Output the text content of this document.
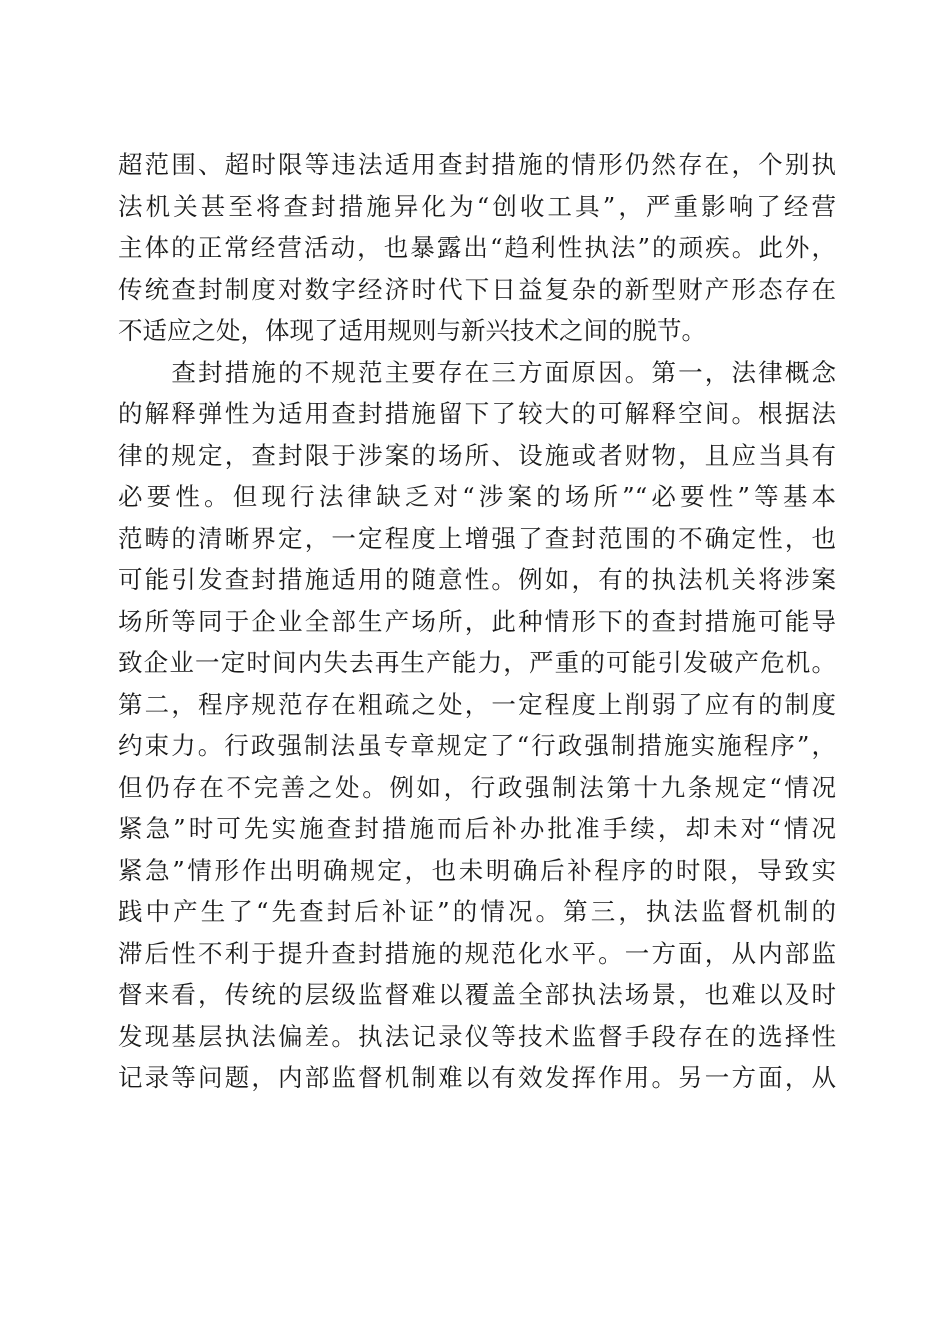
超范围、超时限等违法适用查封措施的情形仍然存在，个别执
法机关甚至将查封措施异化为“创收工具”，严重影响了经营
主体的正常经营活动，也暴露出“趋利性执法”的顽疾。此外，
传统查封制度对数字经济时代下日益复杂的新型财产形态存在
不适应之处，体现了适用规则与新兴技术之间的脱节。
　　查封措施的不规范主要存在三方面原因。第一，法律概念
的解释弹性为适用查封措施留下了较大的可解释空间。根据法
律的规定，查封限于涉案的场所、设施或者财物，且应当具有
必要性。但现行法律缺乏对“涉案的场所”“必要性”等基本
范畴的清晰界定，一定程度上增强了查封范围的不确定性，也
可能引发查封措施适用的随意性。例如，有的执法机关将涉案
场所等同于企业全部生产场所，此种情形下的查封措施可能导
致企业一定时间内失去再生产能力，严重的可能引发破产危机。
第二，程序规范存在粗疏之处，一定程度上削弱了应有的制度
约束力。行政强制法虽专章规定了“行政强制措施实施程序”，
但仍存在不完善之处。例如，行政强制法第十九条规定“情况
紧急”时可先实施查封措施而后补办批准手续，却未对“情况
紧急”情形作出明确规定，也未明确后补程序的时限，导致实
践中产生了“先查封后补证”的情况。第三，执法监督机制的
滞后性不利于提升查封措施的规范化水平。一方面，从内部监
督来看，传统的层级监督难以覆盖全部执法场景，也难以及时
发现基层执法偏差。执法记录仪等技术监督手段存在的选择性
记录等问题，内部监督机制难以有效发挥作用。另一方面，从
